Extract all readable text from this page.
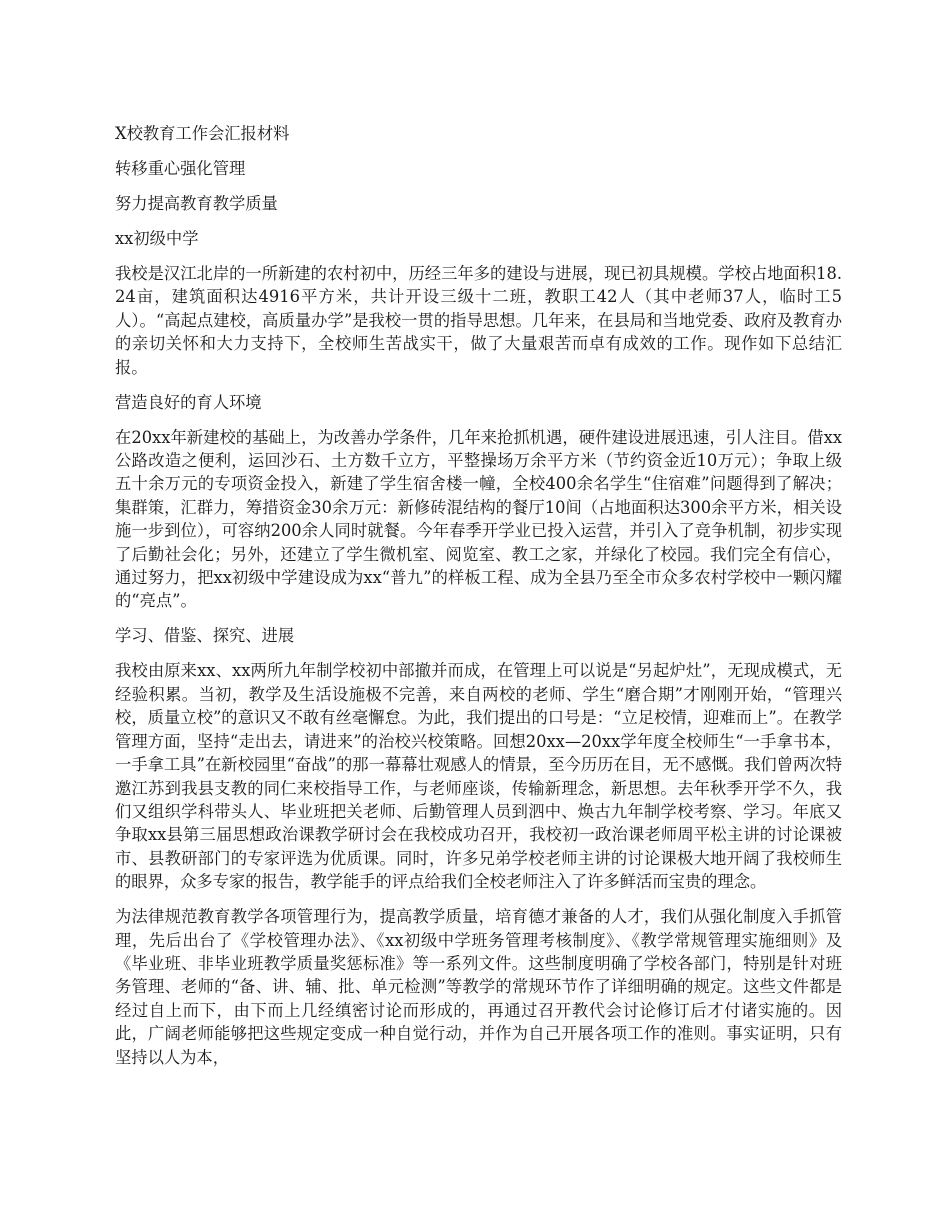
X校教育工作会汇报材料
转移重心强化管理
努力提高教育教学质量
xx初级中学
我校是汉江北岸的一所新建的农村初中，历经三年多的建设与进展，现已初具规模。学校占地面积18.24亩，建筑面积达4916平方米，共计开设三级十二班，教职工42人（其中老师37人，临时工5人）。“高起点建校，高质量办学”是我校一贯的指导思想。几年来，在县局和当地党委、政府及教育办的亲切关怀和大力支持下，全校师生苦战实干，做了大量艰苦而卓有成效的工作。现作如下总结汇报。
营造良好的育人环境
在20xx年新建校的基础上，为改善办学条件，几年来抢抓机遇，硬件建设进展迅速，引人注目。借xx公路改造之便利，运回沙石、土方数千立方，平整操场万余平方米（节约资金近10万元）；争取上级五十余万元的专项资金投入，新建了学生宿舍楼一幢，全校400余名学生“住宿难”问题得到了解决；集群策，汇群力，筹措资金30余万元：新修砖混结构的餐厅10间（占地面积达300余平方米，相关设施一步到位），可容纳200余人同时就餐。今年春季开学业已投入运营，并引入了竞争机制，初步实现了后勤社会化；另外，还建立了学生微机室、阅览室、教工之家，并绿化了校园。我们完全有信心，通过努力，把xx初级中学建设成为xx“普九”的样板工程、成为全县乃至全市众多农村学校中一颗闪耀的“亮点”。
学习、借鉴、探究、进展
我校由原来xx、xx两所九年制学校初中部撤并而成，在管理上可以说是“另起炉灶”，无现成模式，无经验积累。当初，教学及生活设施极不完善，来自两校的老师、学生“磨合期”才刚刚开始，“管理兴校，质量立校”的意识又不敢有丝毫懈怠。为此，我们提出的口号是：“立足校情，迎难而上”。在教学管理方面，坚持“走出去，请进来”的治校兴校策略。回想20xx—20xx学年度全校师生“一手拿书本，一手拿工具”在新校园里“奋战”的那一幕幕壮观感人的情景，至今历历在目，无不感慨。我们曾两次特邀江苏到我县支教的同仁来校指导工作，与老师座谈，传输新理念，新思想。去年秋季开学不久，我们又组织学科带头人、毕业班把关老师、后勤管理人员到泗中、焕古九年制学校考察、学习。年底又争取xx县第三届思想政治课教学研讨会在我校成功召开，我校初一政治课老师周平松主讲的讨论课被市、县教研部门的专家评选为优质课。同时，许多兄弟学校老师主讲的讨论课极大地开阔了我校师生的眼界，众多专家的报告，教学能手的评点给我们全校老师注入了许多鲜活而宝贵的理念。
为法律规范教育教学各项管理行为，提高教学质量，培育德才兼备的人才，我们从强化制度入手抓管理，先后出台了《学校管理办法》、《xx初级中学班务管理考核制度》、《教学常规管理实施细则》及《毕业班、非毕业班教学质量奖惩标准》等一系列文件。这些制度明确了学校各部门，特别是针对班务管理、老师的“备、讲、辅、批、单元检测”等教学的常规环节作了详细明确的规定。这些文件都是经过自上而下，由下而上几经缜密讨论而形成的，再通过召开教代会讨论修订后才付诸实施的。因此，广阔老师能够把这些规定变成一种自觉行动，并作为自己开展各项工作的准则。事实证明，只有坚持以人为本，
